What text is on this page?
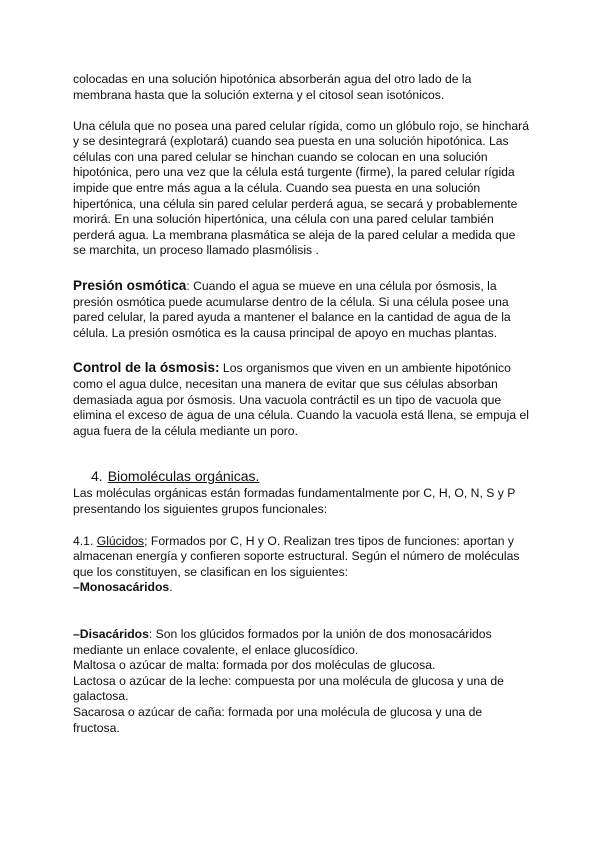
colocadas en una solución hipotónica absorberán agua del otro lado de la membrana hasta que la solución externa y el citosol sean isotónicos.

Una célula que no posea una pared celular rígida, como un glóbulo rojo, se hinchará y se desintegrará (explotará) cuando sea puesta en una solución hipotónica. Las células con una pared celular se hinchan cuando se colocan en una solución hipotónica, pero una vez que la célula está turgente (firme), la pared celular rígida impide que entre más agua a la célula. Cuando sea puesta en una solución hipertónica, una célula sin pared celular perderá agua, se secará y probablemente morirá. En una solución hipertónica, una célula con una pared celular también perderá agua. La membrana plasmática se aleja de la pared celular a medida que se marchita, un proceso llamado plasmólisis .

Presión osmótica: Cuando el agua se mueve en una célula por ósmosis, la presión osmótica puede acumularse dentro de la célula. Si una célula posee una pared celular, la pared ayuda a mantener el balance en la cantidad de agua de la célula. La presión osmótica es la causa principal de apoyo en muchas plantas.

Control de la ósmosis: Los organismos que viven en un ambiente hipotónico como el agua dulce, necesitan una manera de evitar que sus células absorban demasiada agua por ósmosis. Una vacuola contráctil es un tipo de vacuola que elimina el exceso de agua de una célula. Cuando la vacuola está llena, se empuja el agua fuera de la célula mediante un poro.

4. Biomoléculas orgánicas.

Las moléculas orgánicas están formadas fundamentalmente por C, H, O, N, S y P presentando los siguientes grupos funcionales:

4.1. Glúcidos; Formados por C, H y O. Realizan tres tipos de funciones: aportan y almacenan energía y confieren soporte estructural. Según el número de moléculas que los constituyen, se clasifican en los siguientes:

–Monosacáridos.

–Disacáridos: Son los glúcidos formados por la unión de dos monosacáridos mediante un enlace covalente, el enlace glucosídico.

Maltosa o azúcar de malta: formada por dos moléculas de glucosa.

Lactosa o azúcar de la leche: compuesta por una molécula de glucosa y una de galactosa.

Sacarosa o azúcar de caña: formada por una molécula de glucosa y una de fructosa.
